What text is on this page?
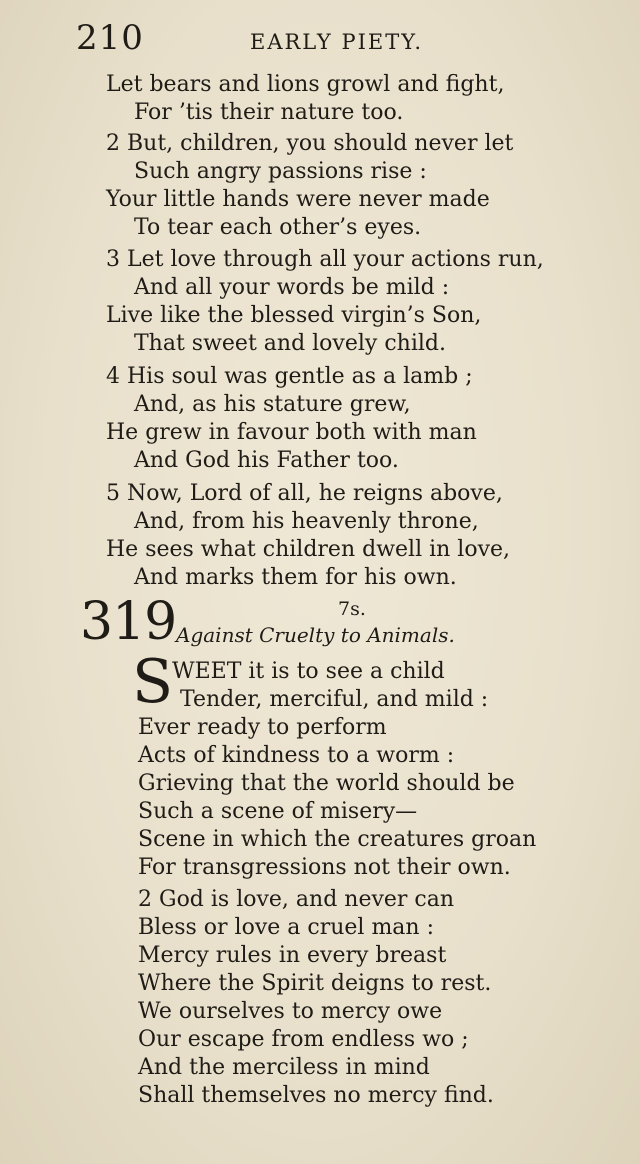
210	EARLY PIETY.
Let bears and lions growl and fight,
For ’tis their nature too.
2 But, children, you should never let
Such angry passions rise :
Your little hands were never made
To tear each other’s eyes.
3 Let love through all your actions run,
And all your words be mild :
Live like the blessed virgin’s Son,
That sweet and lovely child.
4 His soul was gentle as a lamb ;
And, as his stature grew,
He grew in favour both with man
And God his Father too.
5 Now, Lord of all, he reigns above,
And, from his heavenly throne,
He sees what children dwell in love,
And marks them for his own.
319	7s.
Against Cruelty to Animals.
S
WEET it is to see a child
Tender, merciful, and mild :
Ever ready to perform
Acts of kindness to a worm :
Grieving that the world should be
Such a scene of misery—
Scene in which the creatures groan
For transgressions not their own.
2 God is love, and never can
Bless or love a cruel man :
Mercy rules in every breast
Where the Spirit deigns to rest.
We ourselves to mercy owe
Our escape from endless wo ;
And the merciless in mind
Shall themselves no mercy find.
